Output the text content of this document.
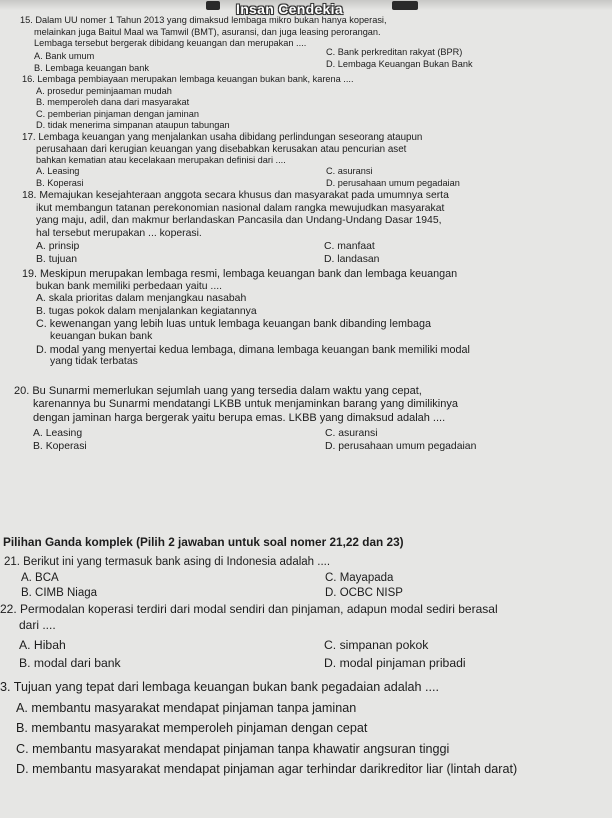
Insan Cendekia
15. Dalam UU nomer 1 Tahun 2013 yang dimaksud lembaga mikro bukan hanya koperasi,
melainkan juga Baitul Maal wa Tamwil (BMT), asuransi, dan juga leasing perorangan.
Lembaga tersebut bergerak dibidang keuangan dan merupakan ....
A. Bank umum	C. Bank perkreditan rakyat (BPR)
B. Lembaga keuangan bank	D. Lembaga Keuangan Bukan Bank
16. Lembaga pembiayaan merupakan lembaga keuangan bukan bank, karena ....
A. prosedur peminjaaman mudah
B. memperoleh dana dari masyarakat
C. pemberian pinjaman dengan jaminan
D. tidak menerima simpanan ataupun tabungan
17. Lembaga keuangan yang menjalankan usaha dibidang perlindungan seseorang ataupun
perusahaan dari kerugian keuangan yang disebabkan kerusakan atau pencurian aset
bahkan kematian atau kecelakaan merupakan definisi dari ....
A. Leasing	C. asuransi
B. Koperasi	D. perusahaan umum pegadaian
18. Memajukan kesejahteraan anggota secara khusus dan masyarakat pada umumnya serta
ikut membangun tatanan perekonomian nasional dalam rangka mewujudkan masyarakat
yang maju, adil, dan makmur berlandaskan Pancasila dan Undang-Undang Dasar 1945,
hal tersebut merupakan ... koperasi.
A. prinsip	C. manfaat
B. tujuan	D. landasan
19. Meskipun merupakan lembaga resmi, lembaga keuangan bank dan lembaga keuangan
bukan bank memiliki perbedaan yaitu ....
A. skala prioritas dalam menjangkau nasabah
B. tugas pokok dalam menjalankan kegiatannya
C. kewenangan yang lebih luas untuk lembaga keuangan bank dibanding lembaga
keuangan bukan bank
D. modal yang menyertai kedua lembaga, dimana lembaga keuangan bank memiliki modal
yang tidak terbatas
20. Bu Sunarmi memerlukan sejumlah uang yang tersedia dalam waktu yang cepat,
karenannya bu Sunarmi mendatangi LKBB untuk menjaminkan barang yang dimilikinya
dengan jaminan harga bergerak yaitu berupa emas. LKBB yang dimaksud adalah ....
A. Leasing	C. asuransi
B. Koperasi	D. perusahaan umum pegadaian
Pilihan Ganda komplek (Pilih 2 jawaban untuk soal nomer 21,22 dan 23)
21. Berikut ini yang termasuk bank asing di Indonesia adalah ....
A. BCA	C. Mayapada
B. CIMB Niaga	D. OCBC NISP
22. Permodalan koperasi terdiri dari modal sendiri dan pinjaman, adapun modal sediri berasal
dari ....
A. Hibah	C. simpanan pokok
B. modal dari bank	D. modal pinjaman pribadi
3. Tujuan yang tepat dari lembaga keuangan bukan bank pegadaian adalah ....
A. membantu masyarakat mendapat pinjaman tanpa jaminan
B. membantu masyarakat memperoleh pinjaman dengan cepat
C. membantu masyarakat mendapat pinjaman tanpa khawatir angsuran tinggi
D. membantu masyarakat mendapat pinjaman agar terhindar darikreditor liar (lintah darat)
